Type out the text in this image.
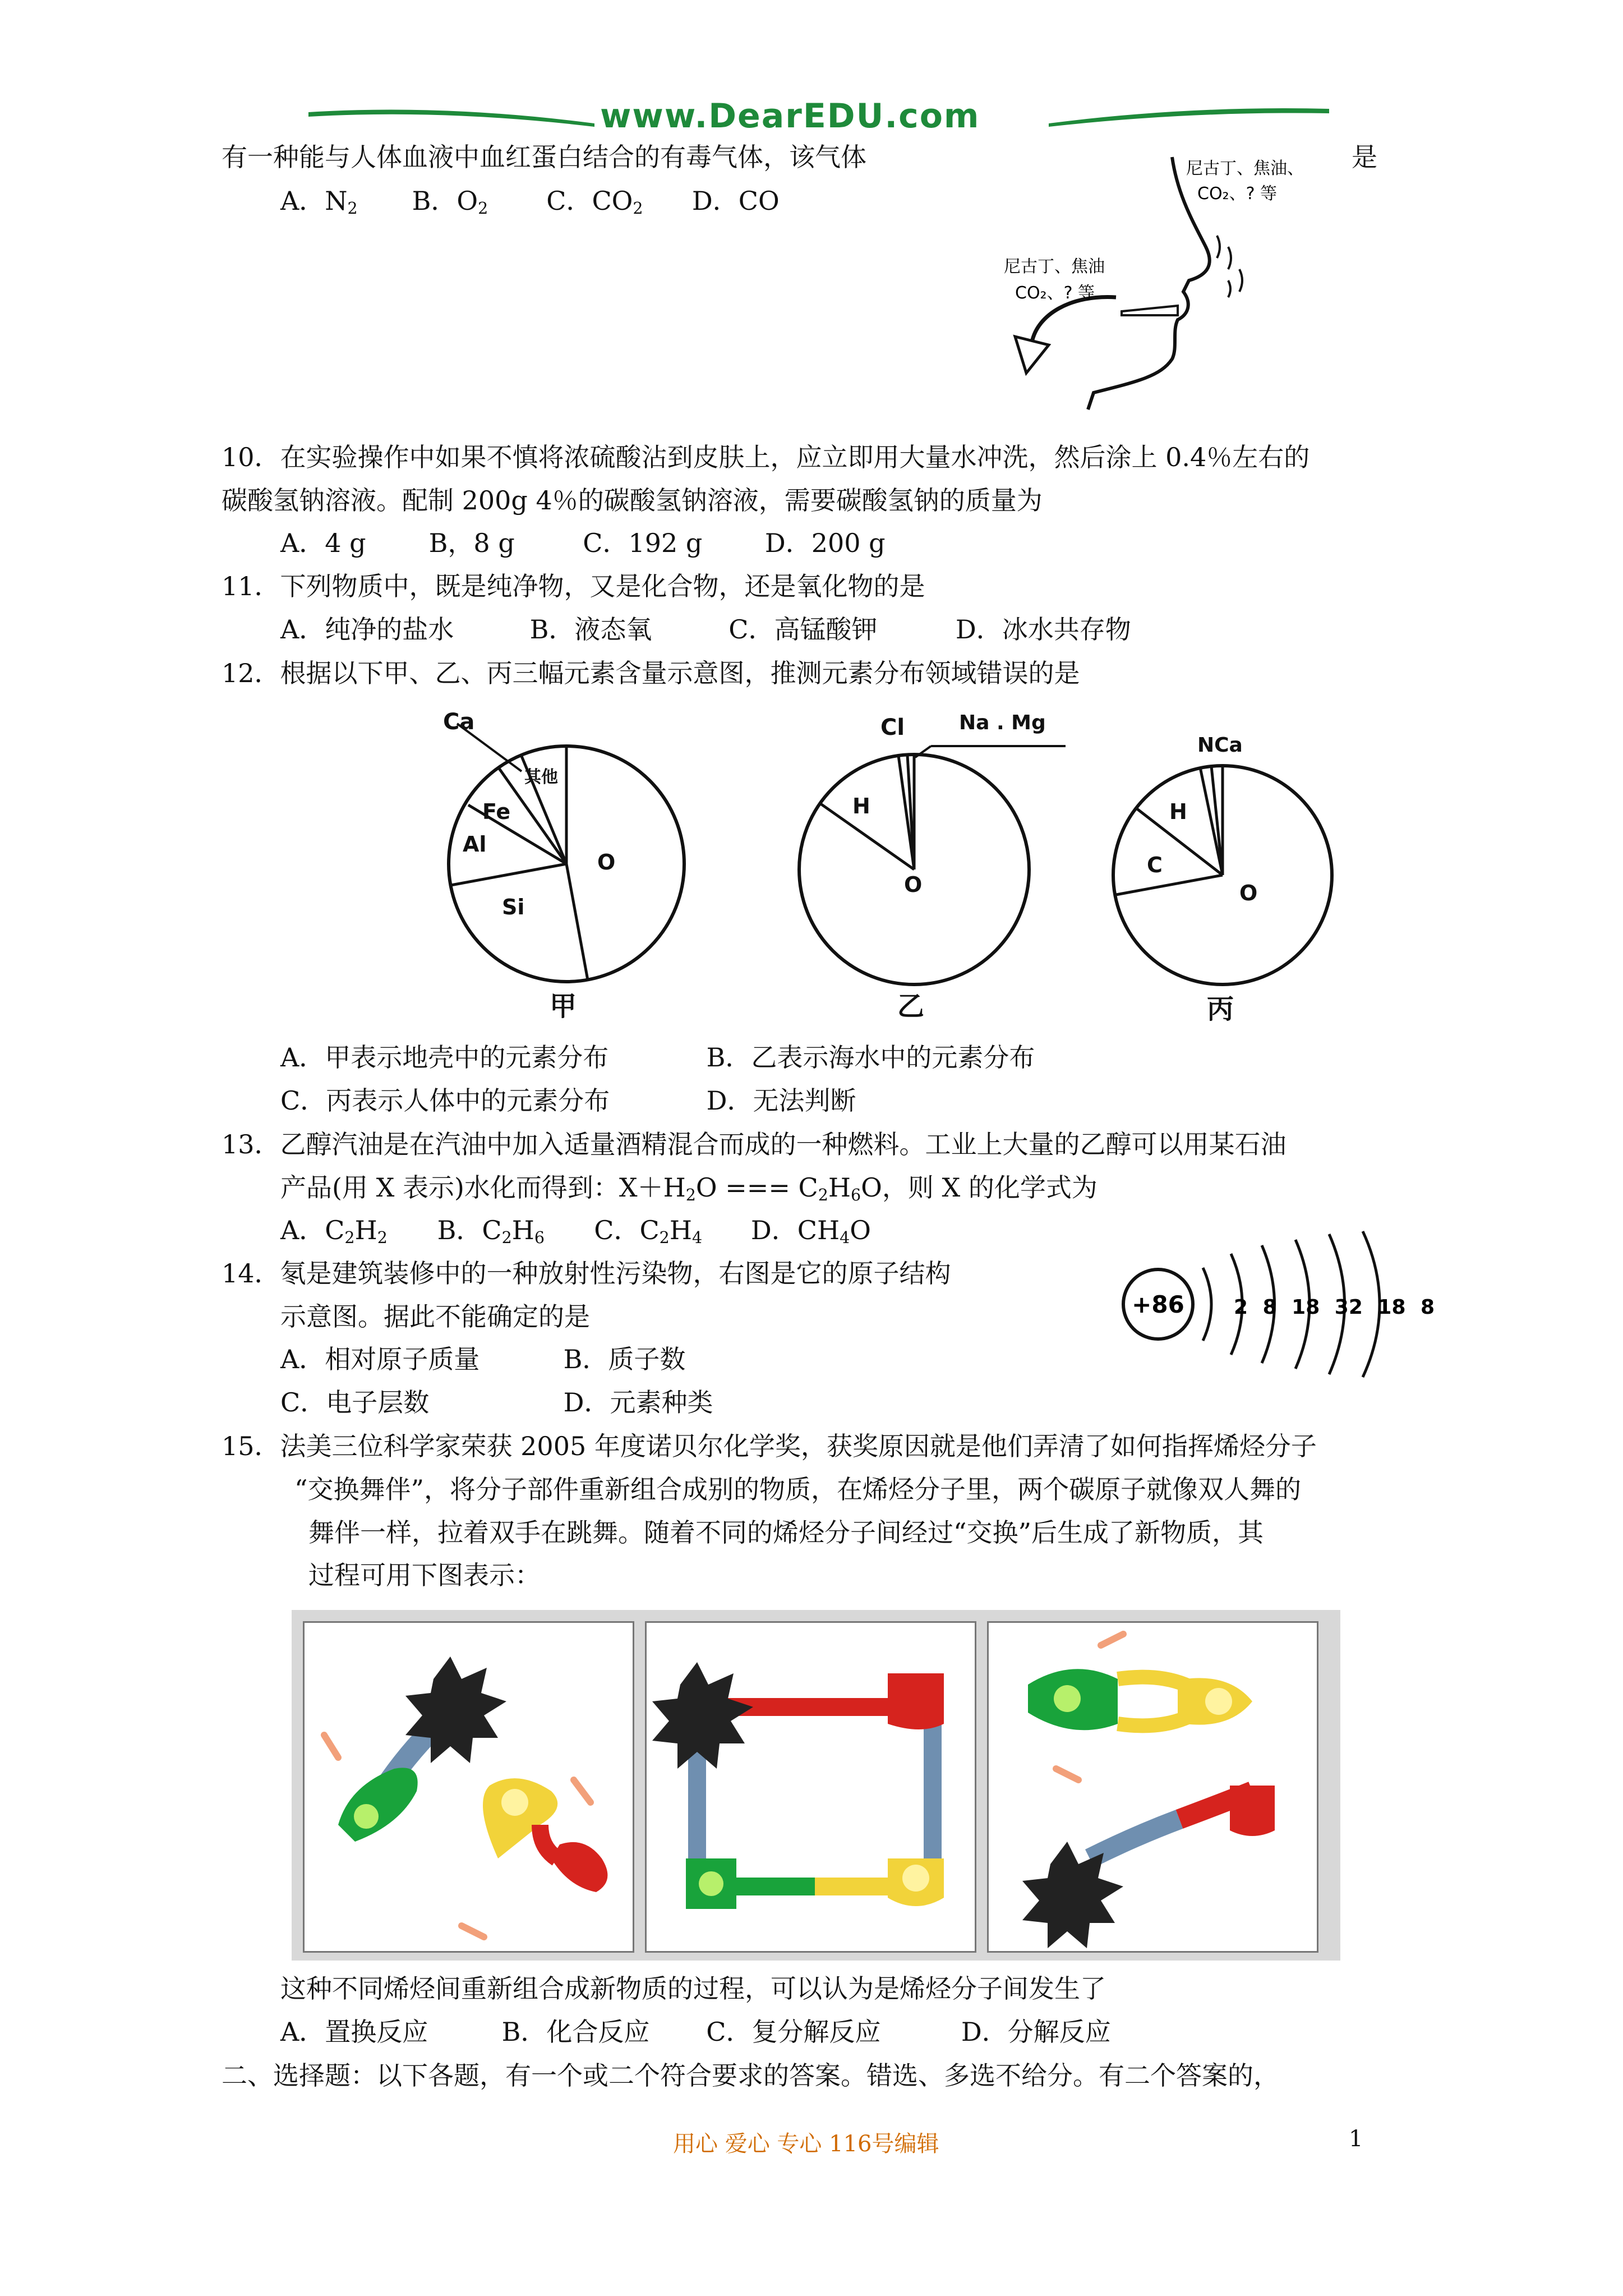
www.DearEDU.com
有一种能与人体血液中血红蛋白结合的有毒气体，该气体	是
A．$N_2$ B．$O_2$ C．$CO_2$ D．CO
尼古丁、焦油、
CO₂、? 等
尼古丁、焦油
CO₂、? 等
10．在实验操作中如果不慎将浓硫酸沾到皮肤上，应立即用大量水冲洗，然后涂上 0.4％左右的
碳酸氢钠溶液。配制 200g 4％的碳酸氢钠溶液，需要碳酸氢钠的质量为
A．4 g B，8 g	C．192 g D．200 g
11．下列物质中，既是纯净物，又是化合物，还是氧化物的是
A．纯净的盐水	B．液态氧	C．高锰酸钾	D．冰水共存物
12．根据以下甲、乙、丙三幅元素含量示意图，推测元素分布领域错误的是
Ca
其他
Fe
Al
Si
O
甲
Cl	Na . Mg
H
O
乙
NCa
H
C
O
丙
A．甲表示地壳中的元素分布	B．乙表示海水中的元素分布
C．丙表示人体中的元素分布	D．无法判断
13．乙醇汽油是在汽油中加入适量酒精混合而成的一种燃料。工业上大量的乙醇可以用某石油
产品(用 X 表示)水化而得到：$X+H_2O$ === $C_2H_6O$，则 X 的化学式为
A．$C_2H_2$ B．$C_2H_6$ C．$C_2H_4$ D．$CH_4O$
14．氡是建筑装修中的一种放射性污染物，右图是它的原子结构
示意图。据此不能确定的是
A．相对原子质量	B．质子数
C．电子层数	D．元素种类
+86 2 8 18 32 18 8
15．法美三位科学家荣获 2005 年度诺贝尔化学奖，获奖原因就是他们弄清了如何指挥烯烃分子
“交换舞伴”，将分子部件重新组合成别的物质，在烯烃分子里，两个碳原子就像双人舞的
舞伴一样，拉着双手在跳舞。随着不同的烯烃分子间经过“交换”后生成了新物质，其
过程可用下图表示：
这种不同烯烃间重新组合成新物质的过程，可以认为是烯烃分子间发生了
A．置换反应	B．化合反应 C．复分解反应	D．分解反应
二、选择题：以下各题，有一个或二个符合要求的答案。错选、多选不给分。有二个答案的，
用心 爱心 专心 116号编辑	1
